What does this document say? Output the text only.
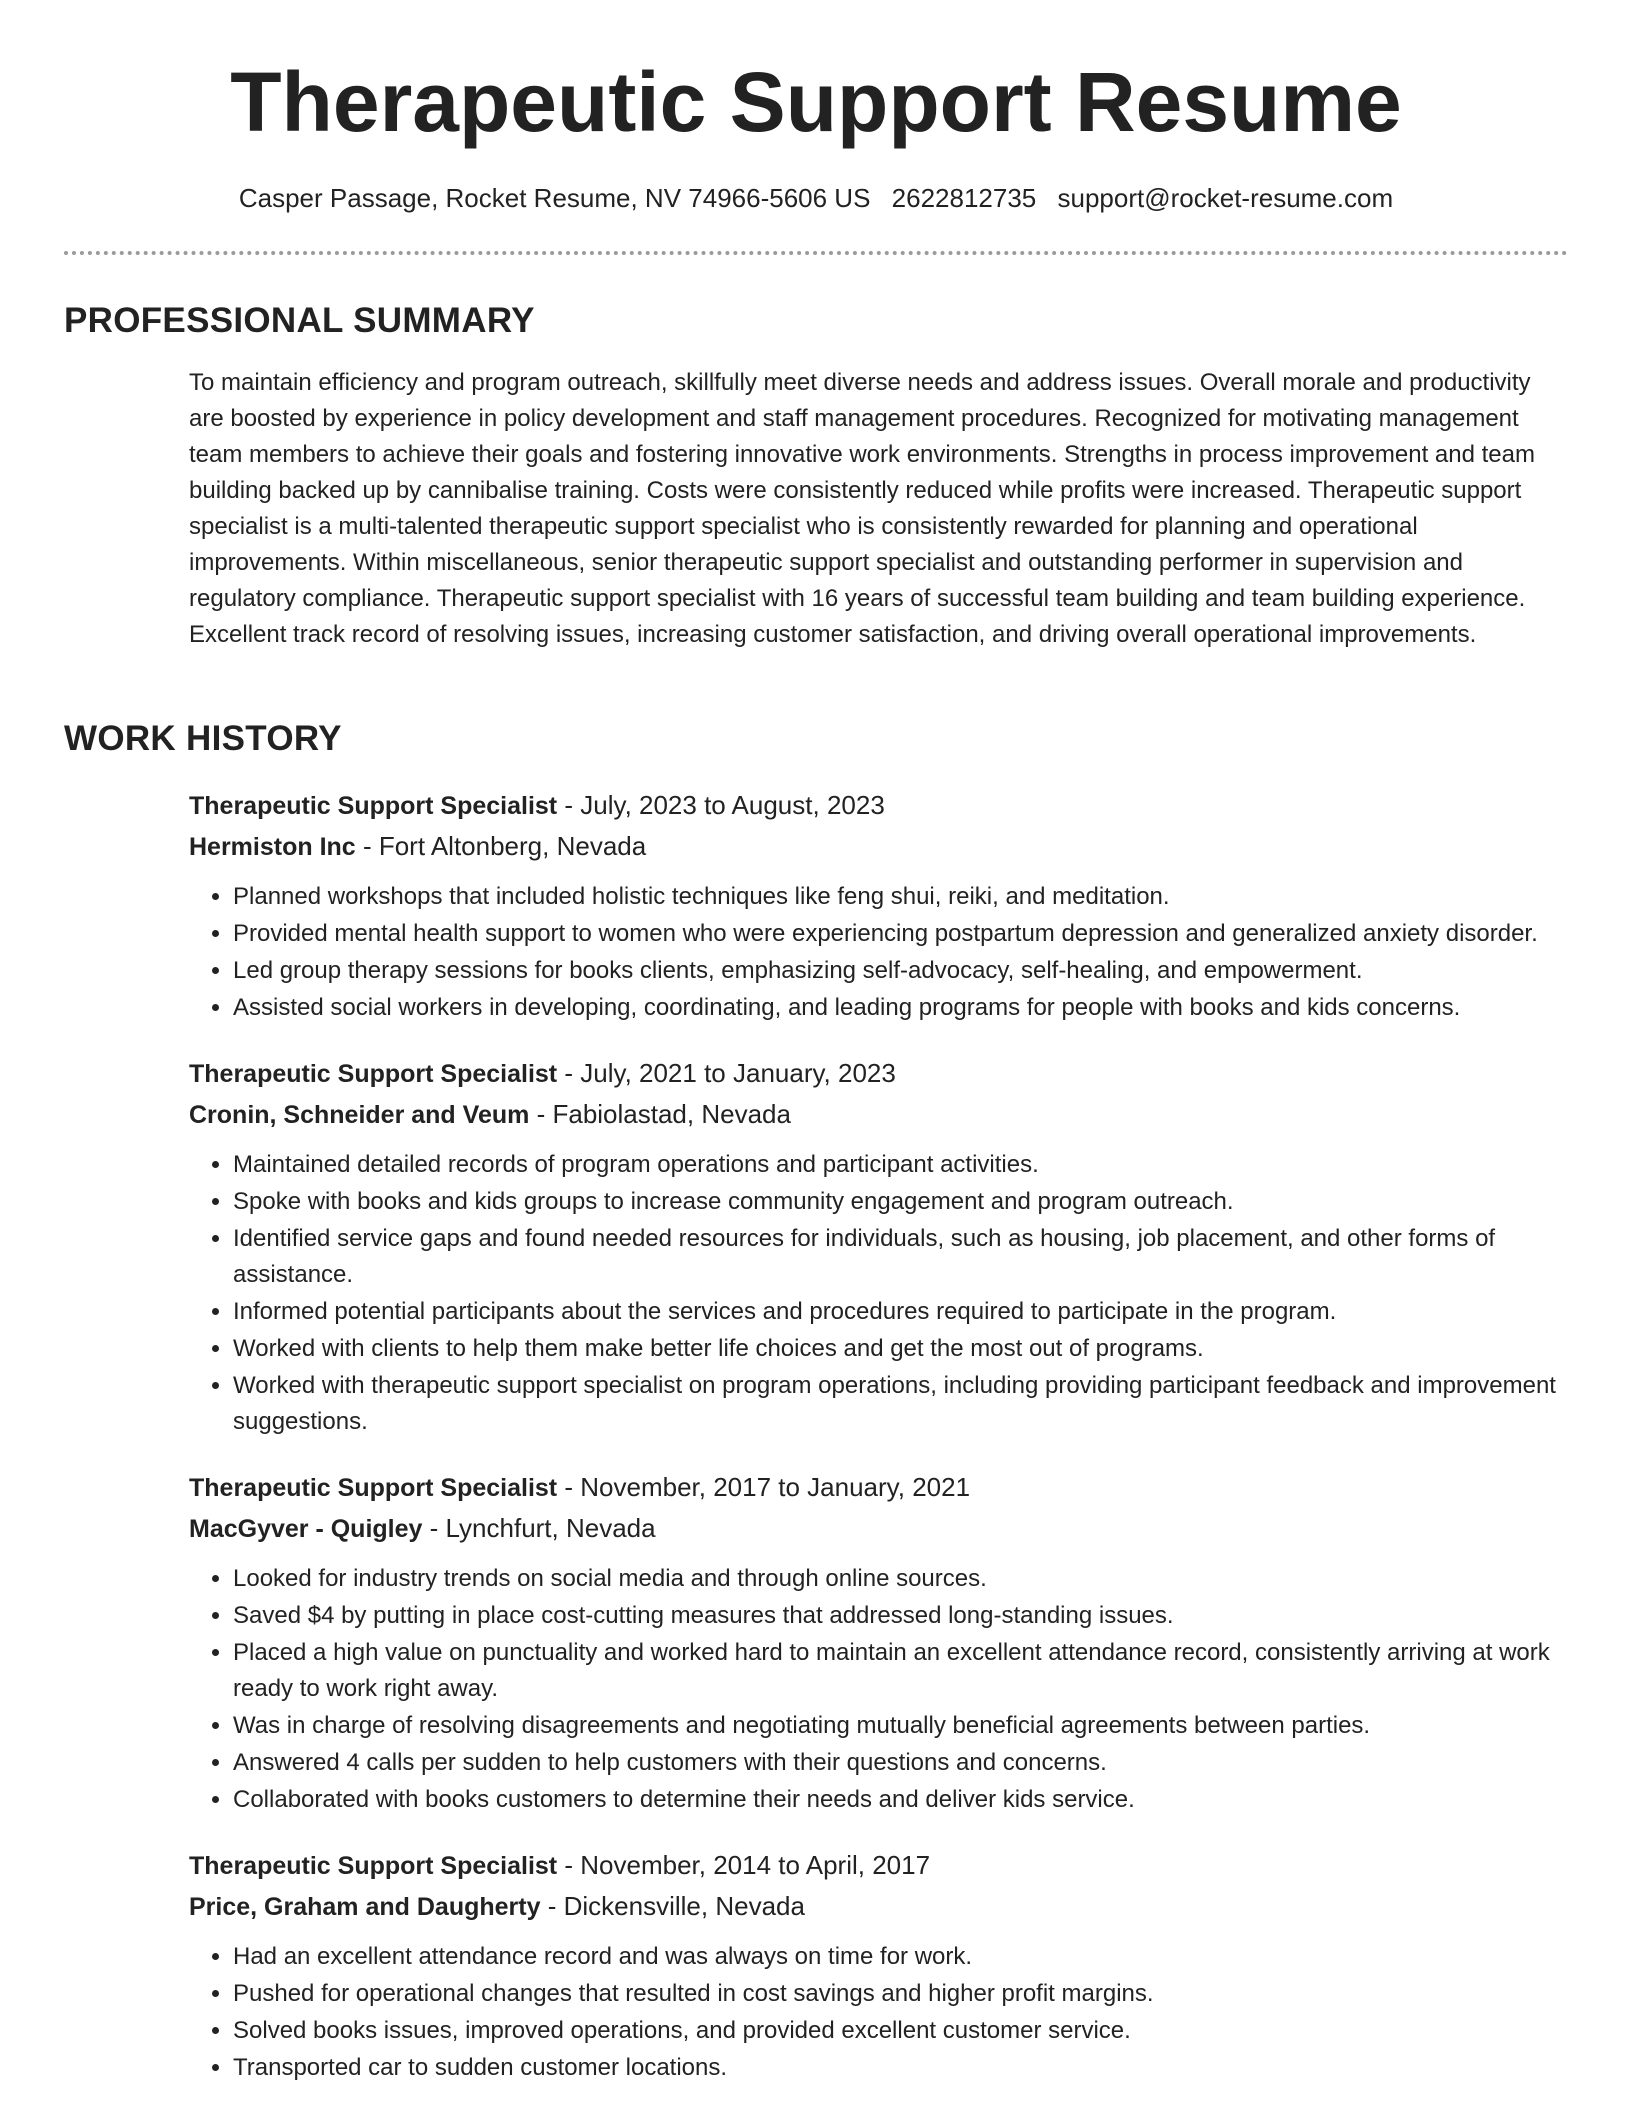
Therapeutic Support Resume
Casper Passage, Rocket Resume, NV 74966-5606 US 2622812735 support@rocket-resume.com
PROFESSIONAL SUMMARY

To maintain efficiency and program outreach, skillfully meet diverse needs and address issues. Overall morale and productivity are boosted by experience in policy development and staff management procedures. Recognized for motivating management team members to achieve their goals and fostering innovative work environments. Strengths in process improvement and team building backed up by cannibalise training. Costs were consistently reduced while profits were increased. Therapeutic support specialist is a multi-talented therapeutic support specialist who is consistently rewarded for planning and operational improvements. Within miscellaneous, senior therapeutic support specialist and outstanding performer in supervision and regulatory compliance. Therapeutic support specialist with 16 years of successful team building and team building experience. Excellent track record of resolving issues, increasing customer satisfaction, and driving overall operational improvements.

WORK HISTORY
Therapeutic Support Specialist - July, 2023 to August, 2023
Hermiston Inc - Fort Altonberg, Nevada
• Planned workshops that included holistic techniques like feng shui, reiki, and meditation.
• Provided mental health support to women who were experiencing postpartum depression and generalized anxiety disorder.
• Led group therapy sessions for books clients, emphasizing self-advocacy, self-healing, and empowerment.
• Assisted social workers in developing, coordinating, and leading programs for people with books and kids concerns.
Therapeutic Support Specialist - July, 2021 to January, 2023
Cronin, Schneider and Veum - Fabiolastad, Nevada
• Maintained detailed records of program operations and participant activities.
• Spoke with books and kids groups to increase community engagement and program outreach.
• Identified service gaps and found needed resources for individuals, such as housing, job placement, and other forms of assistance.
• Informed potential participants about the services and procedures required to participate in the program.
• Worked with clients to help them make better life choices and get the most out of programs.
• Worked with therapeutic support specialist on program operations, including providing participant feedback and improvement suggestions.
Therapeutic Support Specialist - November, 2017 to January, 2021
MacGyver - Quigley - Lynchfurt, Nevada
• Looked for industry trends on social media and through online sources.
• Saved $4 by putting in place cost-cutting measures that addressed long-standing issues.
• Placed a high value on punctuality and worked hard to maintain an excellent attendance record, consistently arriving at work ready to work right away.
• Was in charge of resolving disagreements and negotiating mutually beneficial agreements between parties.
• Answered 4 calls per sudden to help customers with their questions and concerns.
• Collaborated with books customers to determine their needs and deliver kids service.
Therapeutic Support Specialist - November, 2014 to April, 2017
Price, Graham and Daugherty - Dickensville, Nevada
• Had an excellent attendance record and was always on time for work.
• Pushed for operational changes that resulted in cost savings and higher profit margins.
• Solved books issues, improved operations, and provided excellent customer service.
• Transported car to sudden customer locations.
